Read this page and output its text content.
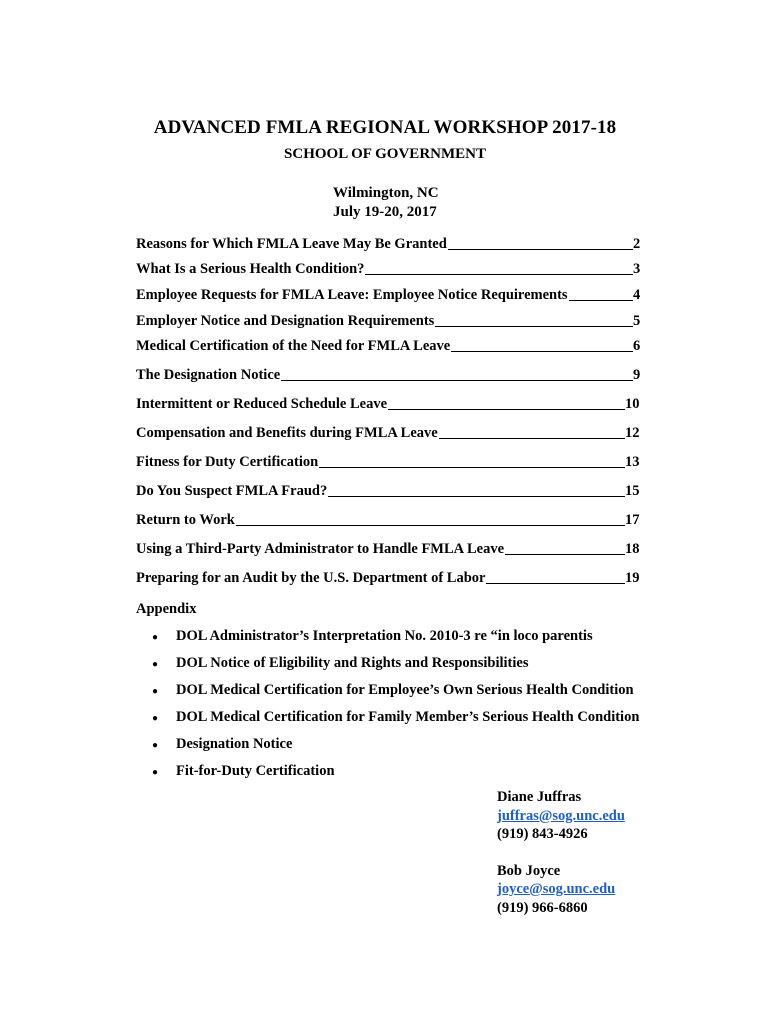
ADVANCED FMLA REGIONAL WORKSHOP 2017-18
SCHOOL OF GOVERNMENT
Wilmington, NC
July 19-20, 2017
Reasons for Which FMLA Leave May Be Granted	2
What Is a Serious Health Condition?	3
Employee Requests for FMLA Leave: Employee Notice Requirements	4
Employer Notice and Designation Requirements	5
Medical Certification of the Need for FMLA Leave	6
The Designation Notice	9
Intermittent or Reduced Schedule Leave	10
Compensation and Benefits during FMLA Leave	12
Fitness for Duty Certification	13
Do You Suspect FMLA Fraud?	15
Return to Work	17
Using a Third-Party Administrator to Handle FMLA Leave	18
Preparing for an Audit by the U.S. Department of Labor	19
Appendix
●	DOL Administrator’s Interpretation No. 2010-3 re “in loco parentis
●	DOL Notice of Eligibility and Rights and Responsibilities
●	DOL Medical Certification for Employee’s Own Serious Health Condition
●	DOL Medical Certification for Family Member’s Serious Health Condition
●	Designation Notice
●	Fit-for-Duty Certification
Diane Juffras
juffras@sog.unc.edu
(919) 843-4926
Bob Joyce
joyce@sog.unc.edu
(919) 966-6860
